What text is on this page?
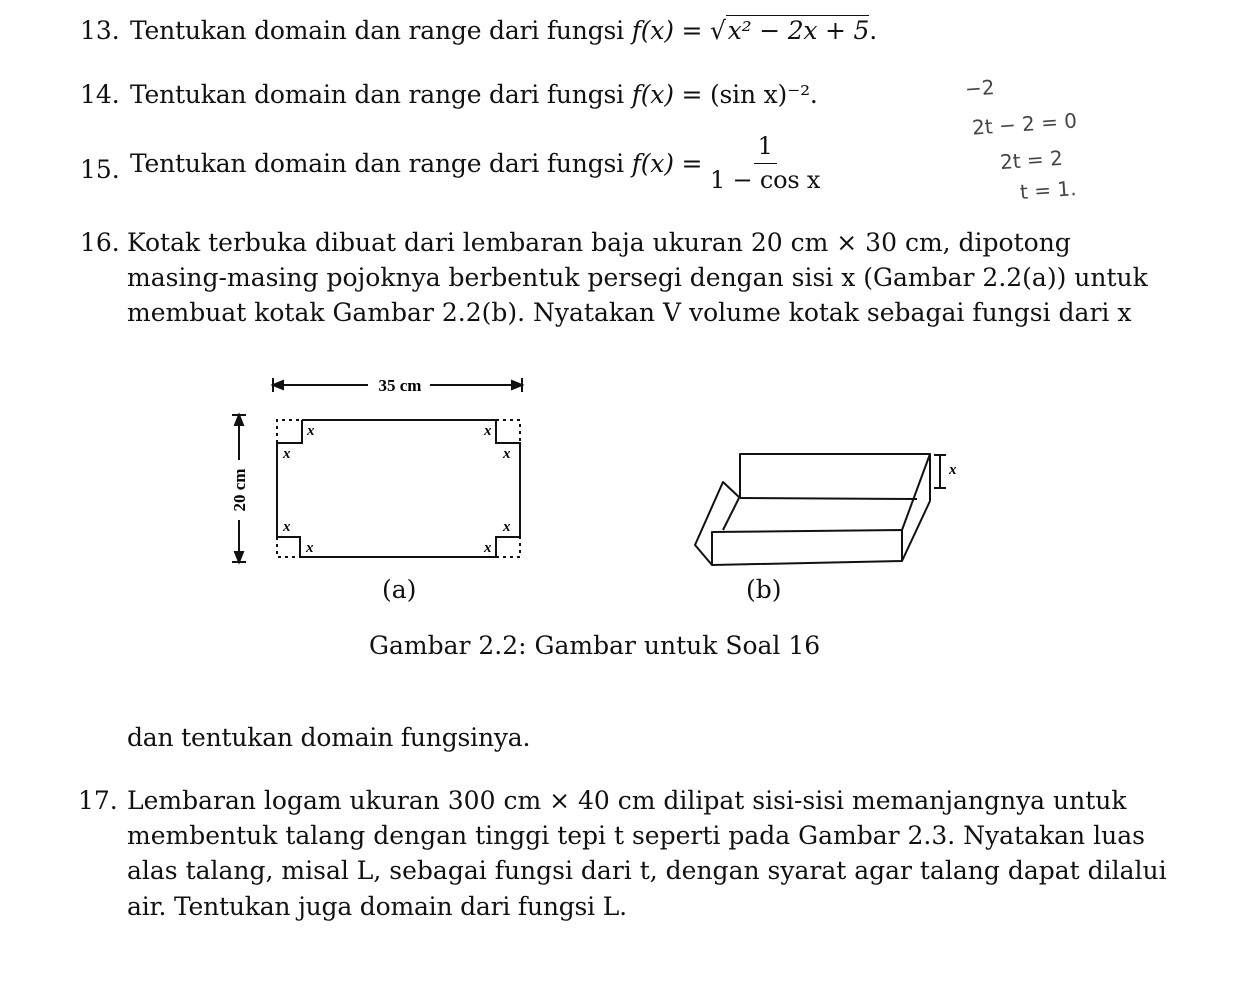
13. Tentukan domain dan range dari fungsi f(x) = √x² − 2x + 5.
14. Tentukan domain dan range dari fungsi f(x) = (sin x)⁻².
15. Tentukan domain dan range dari fungsi $f(x) = \frac{1}{\text{1 − cos x}}$
−2
2t − 2 = 0
2t = 2
t = 1.
16. Kotak terbuka dibuat dari lembaran baja ukuran 20 cm × 30 cm, dipotong
masing-masing pojoknya berbentuk persegi dengan sisi x (Gambar 2.2(a)) untuk
membuat kotak Gambar 2.2(b). Nyatakan V volume kotak sebagai fungsi dari x
35 cm
20 cm
x
x
x
x
x
x
x
x
(a)
x
(b)
Gambar 2.2: Gambar untuk Soal 16
dan tentukan domain fungsinya.
17. Lembaran logam ukuran 300 cm × 40 cm dilipat sisi-sisi memanjangnya untuk
membentuk talang dengan tinggi tepi t seperti pada Gambar 2.3. Nyatakan luas
alas talang, misal L, sebagai fungsi dari t, dengan syarat agar talang dapat dilalui
air. Tentukan juga domain dari fungsi L.
